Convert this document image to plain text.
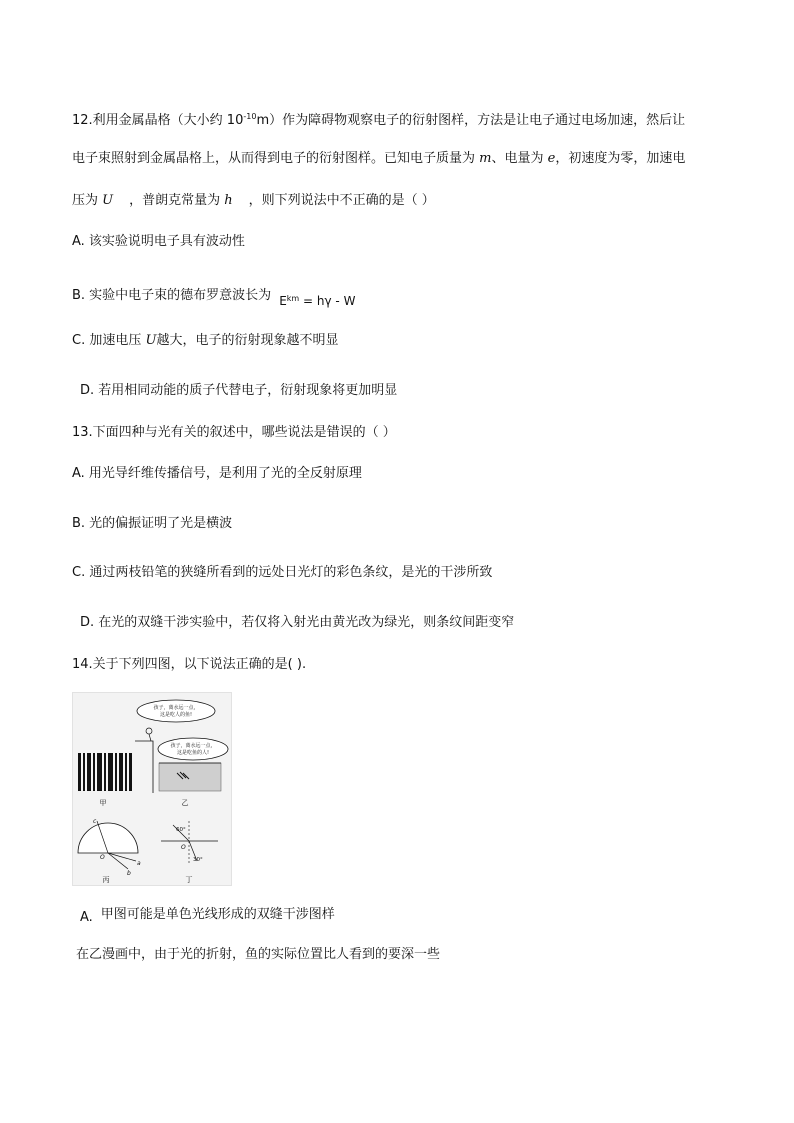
12.利用金属晶格（大小约 $10^{-10}m$）作为障碍物观察电子的衍射图样，方法是让电子通过电场加速，然后让
电子束照射到金属晶格上，从而得到电子的衍射图样。已知电子质量为 m、电量为 e，初速度为零，加速电
压为 U ，普朗克常量为 h ，则下列说法中不正确的是（ ）
A. 该实验说明电子具有波动性
B. 实验中电子束的德布罗意波长为 $E_{km} = h\gamma - W$
C. 加速电压 U越大，电子的衍射现象越不明显
D. 若用相同动能的质子代替电子，衍射现象将更加明显
13.下面四种与光有关的叙述中，哪些说法是错误的（ ）
A. 用光导纤维传播信号，是利用了光的全反射原理
B. 光的偏振证明了光是横波
C. 通过两枝铅笔的狭缝所看到的远处日光灯的彩色条纹，是光的干涉所致
D. 在光的双缝干涉实验中，若仅将入射光由黄光改为绿光，则条纹间距变窄
14.关于下列四图，以下说法正确的是( ).
甲
孩子，离水远一点，
这是吃人的鱼!
孩子，离水远一点，
这是吃鱼的人!
乙
c
O
a
b
丙
60°
O
30°
丁
A. 甲图可能是单色光线形成的双缝干涉图样
在乙漫画中，由于光的折射，鱼的实际位置比人看到的要深一些
